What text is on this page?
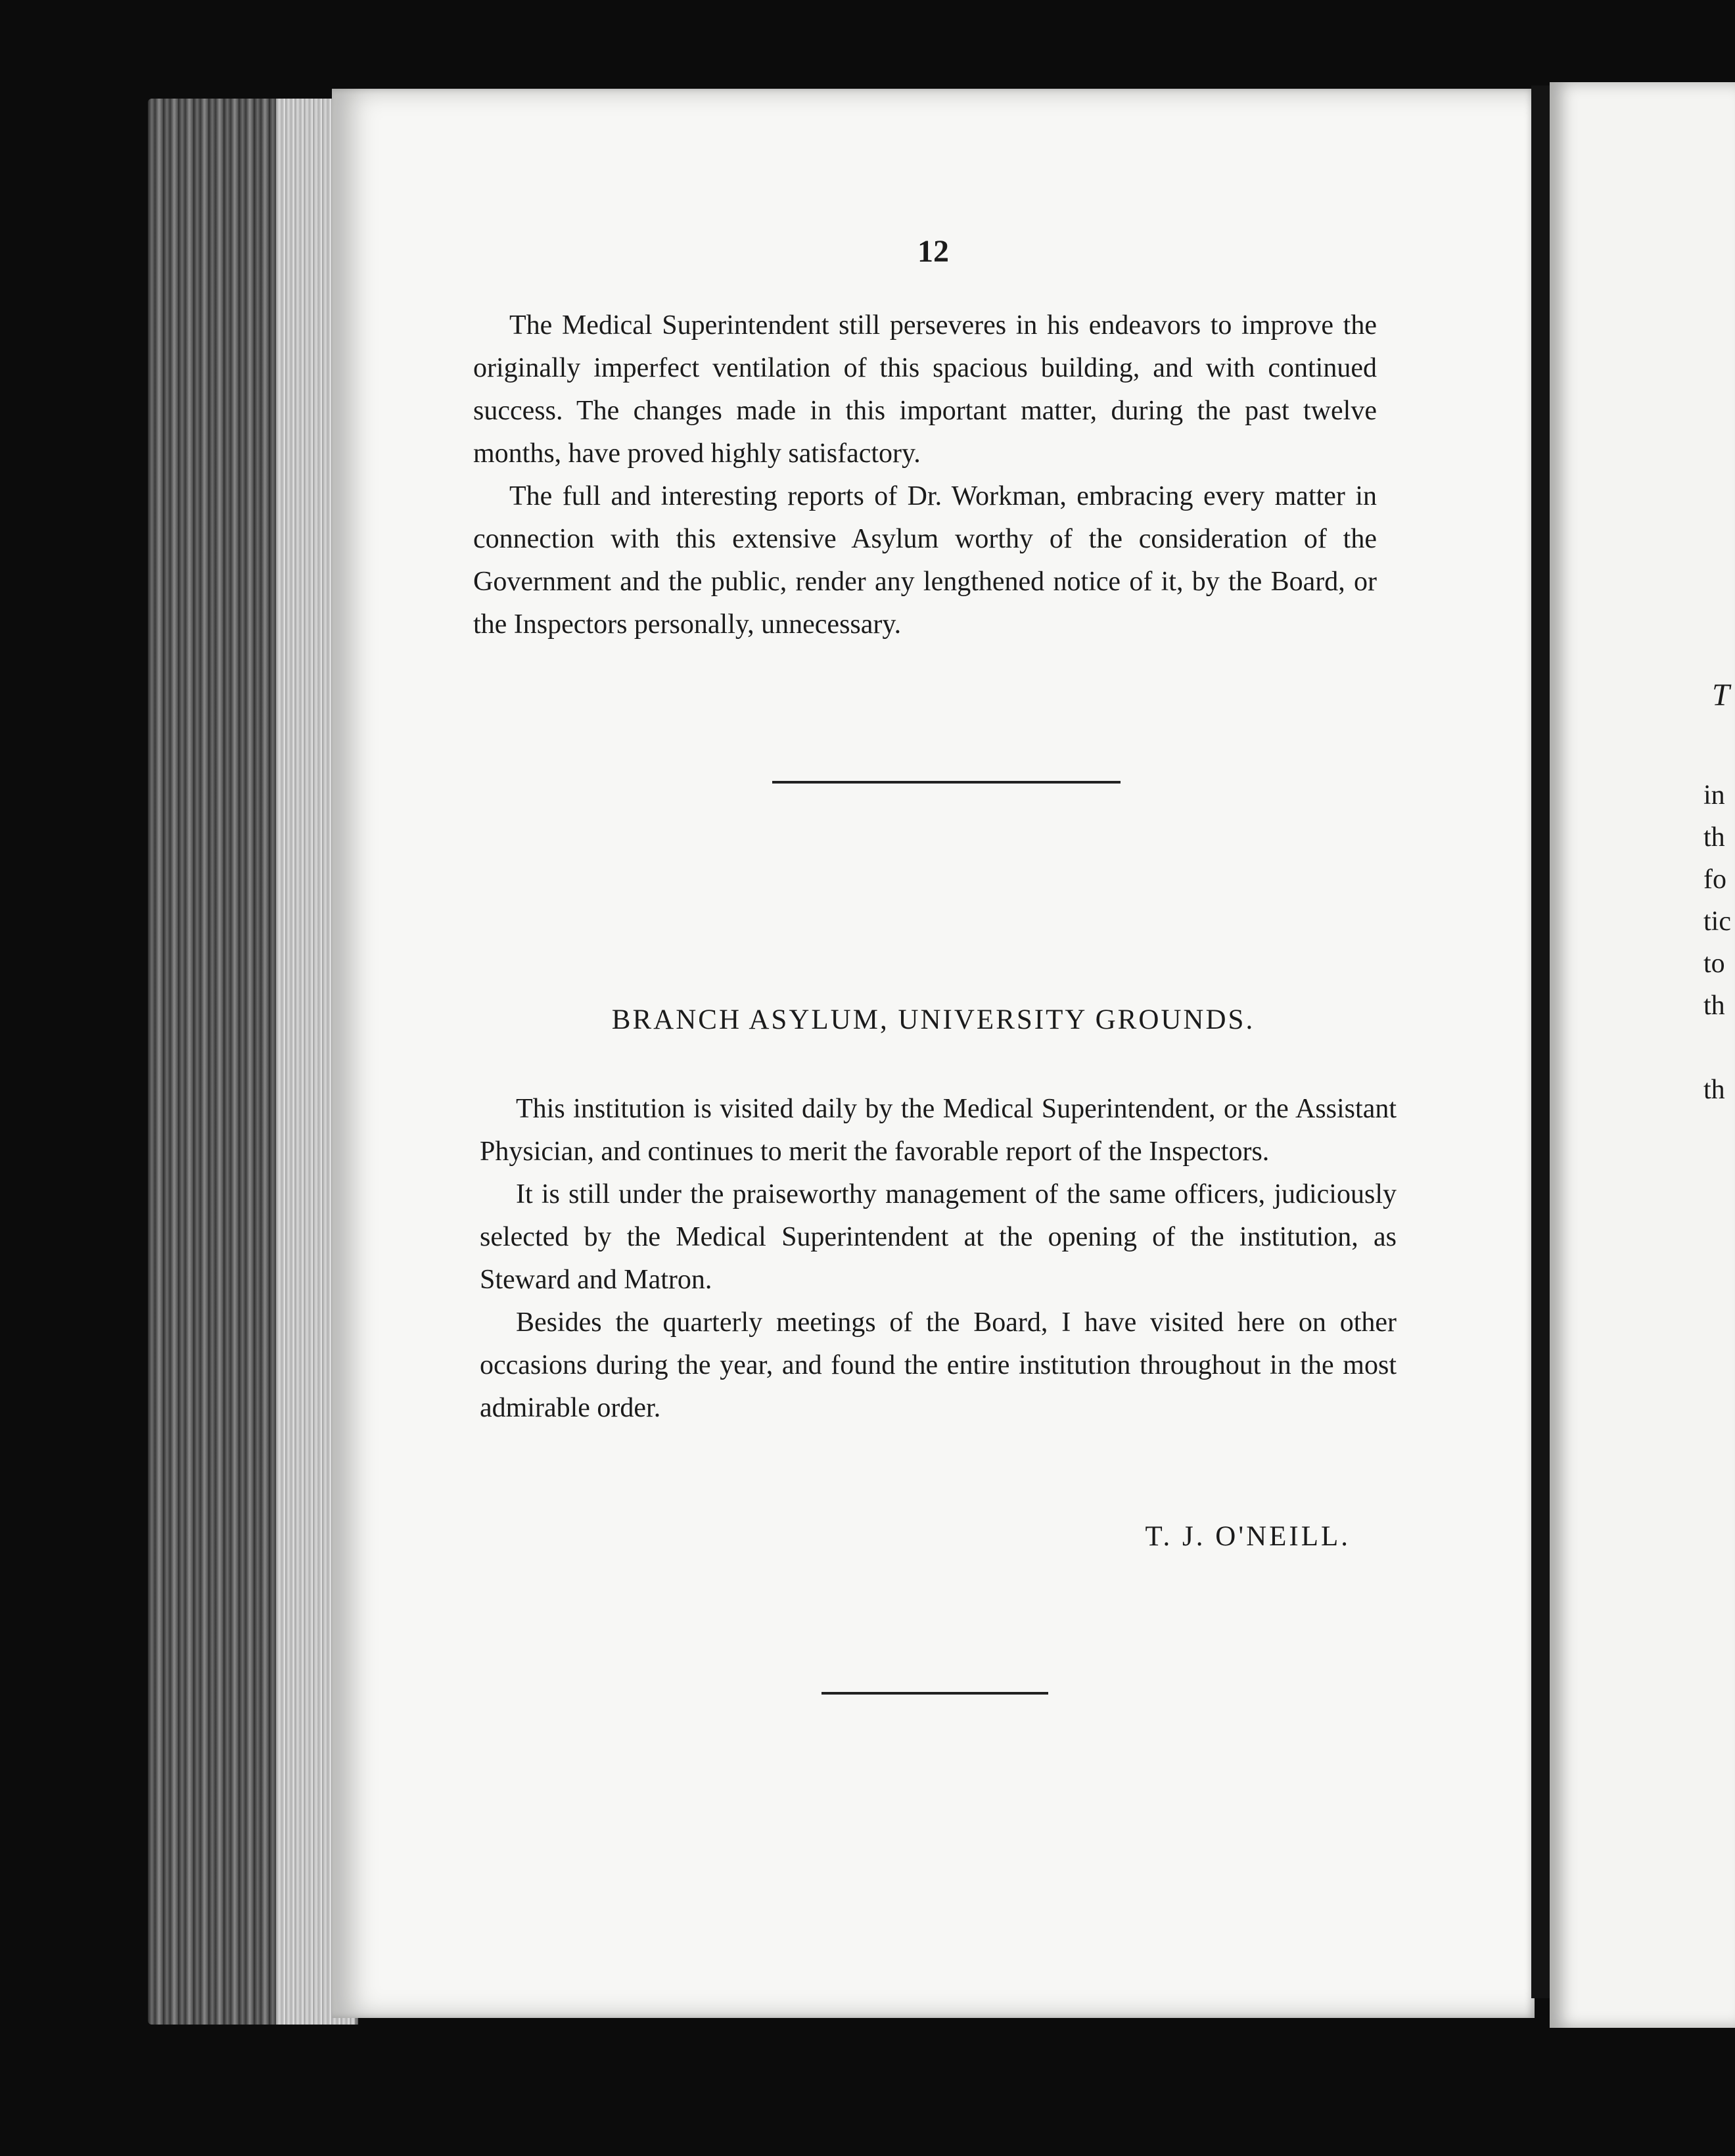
12

The Medical Superintendent still perseveres in his endeavors to improve the originally imperfect ventilation of this spacious building, and with continued success. The changes made in this important matter, during the past twelve months, have proved highly satisfactory.

The full and interesting reports of Dr. Workman, embracing every matter in connection with this extensive Asylum worthy of the consideration of the Government and the public, render any lengthened notice of it, by the Board, or the Inspectors personally, unnecessary.

BRANCH ASYLUM, UNIVERSITY GROUNDS.

This institution is visited daily by the Medical Superintendent, or the Assistant Physician, and continues to merit the favorable report of the Inspectors.

It is still under the praiseworthy management of the same officers, judiciously selected by the Medical Superintendent at the opening of the institution, as Steward and Matron.

Besides the quarterly meetings of the Board, I have visited here on other occasions during the year, and found the entire institution throughout in the most admirable order.

T. J. O'NEILL.
T
in
th
fo
tic
to
th
th
